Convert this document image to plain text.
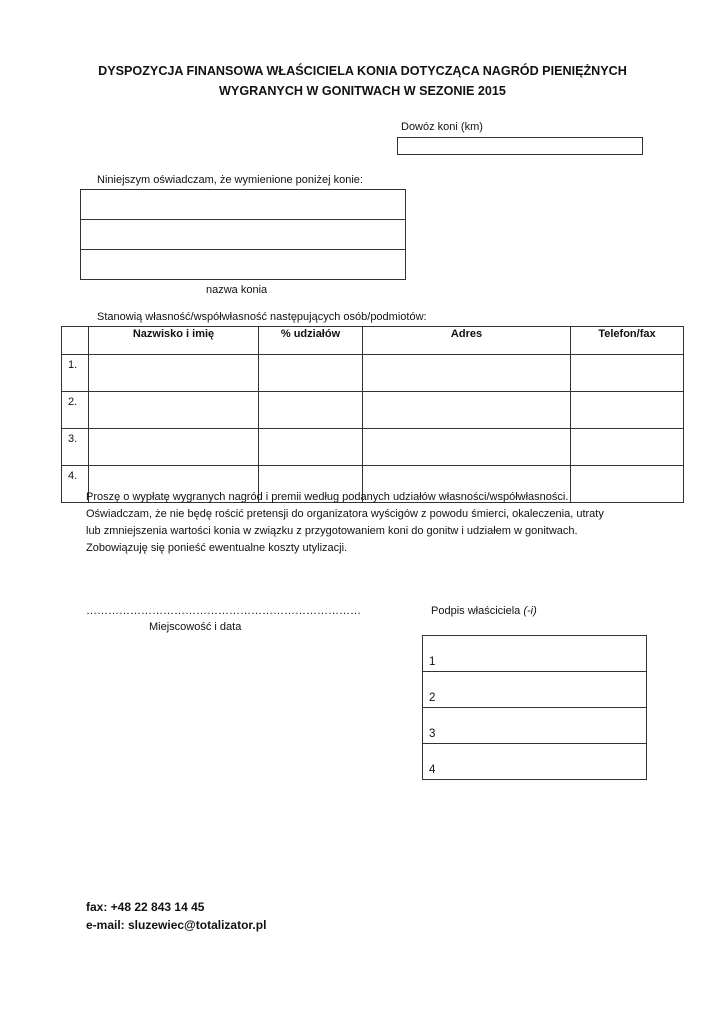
DYSPOZYCJA FINANSOWA WŁAŚCICIELA KONIA DOTYCZĄCA NAGRÓD PIENIĘŻNYCH
WYGRANYCH W GONITWACH W SEZONIE 2015
Dowóz koni (km)
Niniejszym oświadczam, że wymienione poniżej konie:
nazwa konia
Stanowią własność/współwłasność następujących osób/podmiotów:
	Nazwisko i imię	% udziałów	Adres	Telefon/fax
1.				
2.				
3.				
4.				
Proszę o wypłatę wygranych nagród i premii według podanych udziałów własności/współwłasności.
Oświadczam, że nie będę rościć pretensji do organizatora wyścigów z powodu śmierci, okaleczenia, utraty
lub zmniejszenia wartości konia w związku z przygotowaniem koni do gonitw i udziałem w gonitwach.
Zobowiązuję się ponieść ewentualne koszty utylizacji.
…………………………………………………………………
Miejscowość i data
Podpis właściciela (-i)
1
2
3
4
fax: +48 22 843 14 45
e-mail: sluzewiec@totalizator.pl
